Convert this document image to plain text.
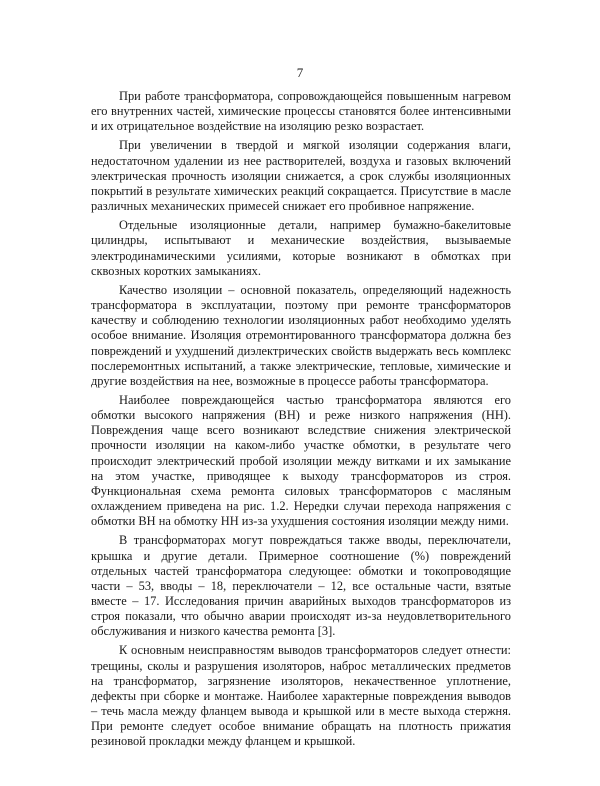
7

При работе трансформатора, сопровождающейся повышенным нагревом его внутренних частей, химические процессы становятся более интенсивными и их отрицательное воздействие на изоляцию резко возрастает.

При увеличении в твердой и мягкой изоляции содержания влаги, недостаточном удалении из нее растворителей, воздуха и газовых включений электрическая прочность изоляции снижается, а срок службы изоляционных покрытий в результате химических реакций сокращается. Присутствие в масле различных механических примесей снижает его пробивное напряжение.

Отдельные изоляционные детали, например бумажно-бакелитовые цилиндры, испытывают и механические воздействия, вызываемые электродинамическими усилиями, которые возникают в обмотках при сквозных коротких замыканиях.

Качество изоляции – основной показатель, определяющий надежность трансформатора в эксплуатации, поэтому при ремонте трансформаторов качеству и соблюдению технологии изоляционных работ необходимо уделять особое внимание. Изоляция отремонтированного трансформатора должна без повреждений и ухудшений диэлектрических свойств выдержать весь комплекс послеремонтных испытаний, а также электрические, тепловые, химические и другие воздействия на нее, возможные в процессе работы трансформатора.

Наиболее повреждающейся частью трансформатора являются его обмотки высокого напряжения (ВН) и реже низкого напряжения (НН). Повреждения чаще всего возникают вследствие снижения электрической прочности изоляции на каком-либо участке обмотки, в результате чего происходит электрический пробой изоляции между витками и их замыкание на этом участке, приводящее к выходу трансформаторов из строя. Функциональная схема ремонта силовых трансформаторов с масляным охлаждением приведена на рис. 1.2. Нередки случаи перехода напряжения с обмотки ВН на обмотку НН из-за ухудшения состояния изоляции между ними.

В трансформаторах могут повреждаться также вводы, переключатели, крышка и другие детали. Примерное соотношение (%) повреждений отдельных частей трансформатора следующее: обмотки и токопроводящие части – 53, вводы – 18, переключатели – 12, все остальные части, взятые вместе – 17. Исследования причин аварийных выходов трансформаторов из строя показали, что обычно аварии происходят из-за неудовлетворительного обслуживания и низкого качества ремонта [3].

К основным неисправностям выводов трансформаторов следует отнести: трещины, сколы и разрушения изоляторов, наброс металлических предметов на трансформатор, загрязнение изоляторов, некачественное уплотнение, дефекты при сборке и монтаже. Наиболее характерные повреждения выводов – течь масла между фланцем вывода и крышкой или в месте выхода стержня. При ремонте следует особое внимание обращать на плотность прижатия резиновой прокладки между фланцем и крышкой.
